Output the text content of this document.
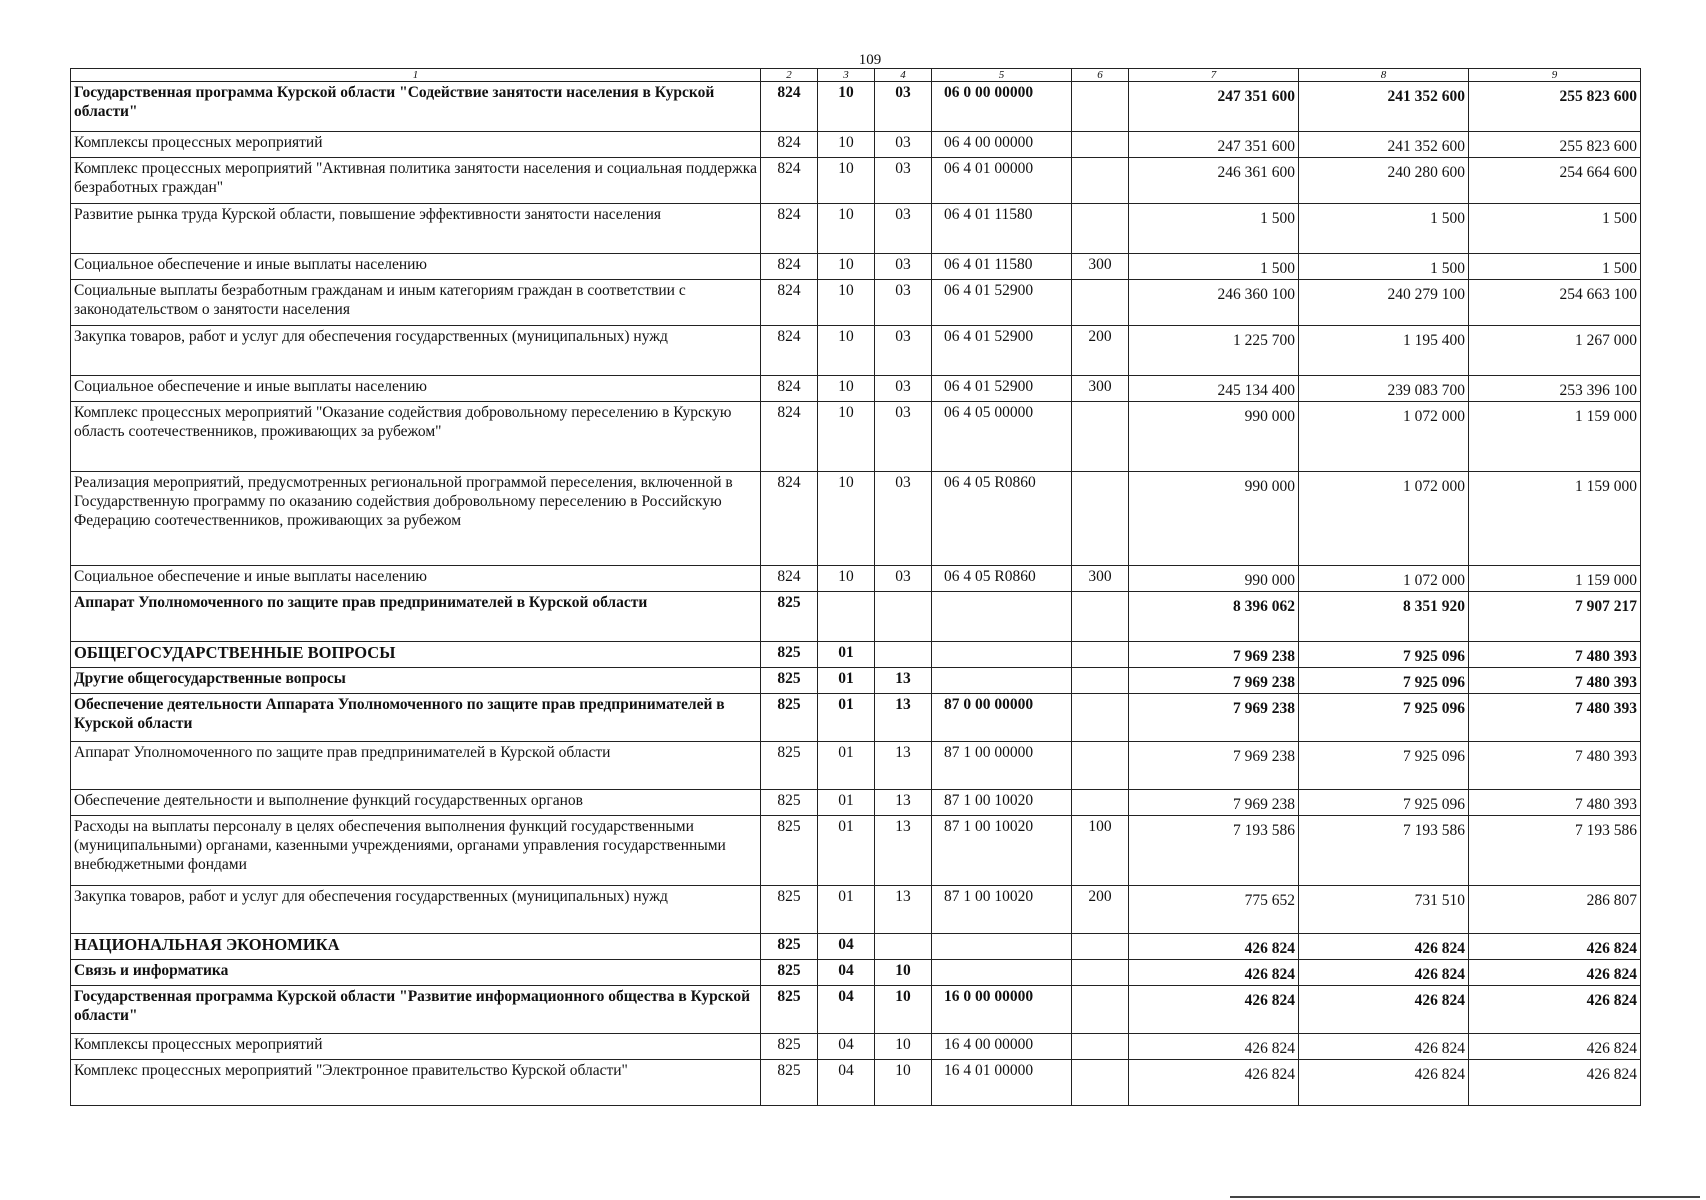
109
1	2	3	4	5	6	7	8	9
Государственная программа Курской области "Содействие занятости населения в Курской области"	824	10	03	06 0 00 00000		247 351 600	241 352 600	255 823 600
Комплексы процессных мероприятий	824	10	03	06 4 00 00000		247 351 600	241 352 600	255 823 600
Комплекс процессных мероприятий "Активная политика занятости населения и социальная поддержка безработных граждан"	824	10	03	06 4 01 00000		246 361 600	240 280 600	254 664 600
Развитие рынка труда Курской области, повышение эффективности занятости населения	824	10	03	06 4 01 11580		1 500	1 500	1 500
Социальное обеспечение и иные выплаты населению	824	10	03	06 4 01 11580	300	1 500	1 500	1 500
Социальные выплаты безработным гражданам и иным категориям граждан в соответствии с законодательством о занятости населения	824	10	03	06 4 01 52900		246 360 100	240 279 100	254 663 100
Закупка товаров, работ и услуг для обеспечения государственных (муниципальных) нужд	824	10	03	06 4 01 52900	200	1 225 700	1 195 400	1 267 000
Социальное обеспечение и иные выплаты населению	824	10	03	06 4 01 52900	300	245 134 400	239 083 700	253 396 100
Комплекс процессных мероприятий "Оказание содействия добровольному переселению в Курскую область соотечественников, проживающих за рубежом"	824	10	03	06 4 05 00000		990 000	1 072 000	1 159 000
Реализация мероприятий, предусмотренных региональной программой переселения, включенной в Государственную программу по оказанию содействия добровольному переселению в Российскую Федерацию соотечественников, проживающих за рубежом	824	10	03	06 4 05 R0860		990 000	1 072 000	1 159 000
Социальное обеспечение и иные выплаты населению	824	10	03	06 4 05 R0860	300	990 000	1 072 000	1 159 000
Аппарат Уполномоченного по защите прав предпринимателей в Курской области	825					8 396 062	8 351 920	7 907 217
ОБЩЕГОСУДАРСТВЕННЫЕ ВОПРОСЫ	825	01				7 969 238	7 925 096	7 480 393
Другие общегосударственные вопросы	825	01	13			7 969 238	7 925 096	7 480 393
Обеспечение деятельности Аппарата Уполномоченного по защите прав предпринимателей в Курской области	825	01	13	87 0 00 00000		7 969 238	7 925 096	7 480 393
Аппарат Уполномоченного по защите прав предпринимателей в Курской области	825	01	13	87 1 00 00000		7 969 238	7 925 096	7 480 393
Обеспечение деятельности и выполнение функций государственных органов	825	01	13	87 1 00 10020		7 969 238	7 925 096	7 480 393
Расходы на выплаты персоналу в целях обеспечения выполнения функций государственными (муниципальными) органами, казенными учреждениями, органами управления государственными внебюджетными фондами	825	01	13	87 1 00 10020	100	7 193 586	7 193 586	7 193 586
Закупка товаров, работ и услуг для обеспечения государственных (муниципальных) нужд	825	01	13	87 1 00 10020	200	775 652	731 510	286 807
НАЦИОНАЛЬНАЯ ЭКОНОМИКА	825	04				426 824	426 824	426 824
Связь и информатика	825	04	10			426 824	426 824	426 824
Государственная программа Курской области "Развитие информационного общества в Курской области"	825	04	10	16 0 00 00000		426 824	426 824	426 824
Комплексы процессных мероприятий	825	04	10	16 4 00 00000		426 824	426 824	426 824
Комплекс процессных мероприятий "Электронное правительство Курской области"	825	04	10	16 4 01 00000		426 824	426 824	426 824
